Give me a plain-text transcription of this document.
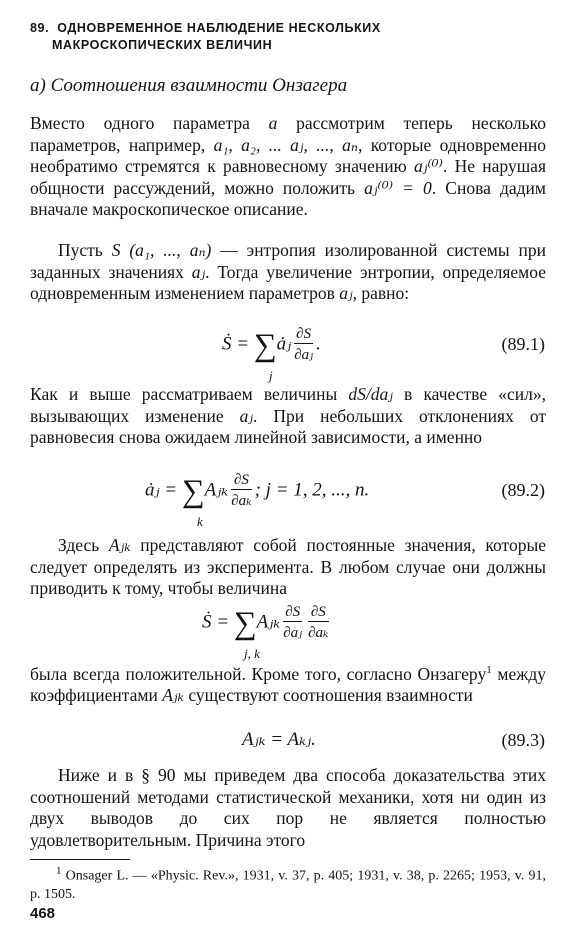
89. ОДНОВРЕМЕННОЕ НАБЛЮДЕНИЕ НЕСКОЛЬКИХ
МАКРОСКОПИЧЕСКИХ ВЕЛИЧИН
а) Соотношения взаимности Онзагера
Вместо одного параметра a рассмотрим теперь несколько параметров, например, a₁, a₂, ... aⱼ, ..., aₙ, которые одновременно необратимо стремятся к равновесному значению aⱼ⁽⁰⁾. Не нарушая общности рассуждений, можно положить aⱼ⁽⁰⁾ = 0. Снова дадим вначале макроскопическое описание.
Пусть S (a₁, ..., aₙ) — энтропия изолированной системы при заданных значениях aⱼ. Тогда увеличение энтропии, определяемое одновременным изменением параметров aⱼ, равно:
Ṡ = ∑ȧⱼ $\frac{\partial S}{\text{∂aⱼ}}$ .
j
(89.1)
Как и выше рассматриваем величины dS/daⱼ в качестве «сил», вызывающих изменение aⱼ. При небольших отклонениях от равновесия снова ожидаем линейной зависимости, а именно
ȧⱼ = ∑Aⱼₖ $\frac{\partial S}{\text{∂aₖ}}$ ; j = 1, 2, ..., n.
k
(89.2)
Здесь Aⱼₖ представляют собой постоянные значения, которые следует определять из эксперимента. В любом случае они должны приводить к тому, чтобы величина
Ṡ = ∑Aⱼₖ $\frac{\partial S}{\text{∂aⱼ}} \frac{\partial S}{\text{∂aₖ}}$
j, k
была всегда положительной. Кроме того, согласно Онзагеру$^1$ между коэффициентами Aⱼₖ существуют соотношения взаимности
Aⱼₖ = Aₖⱼ.	(89.3)
Ниже и в § 90 мы приведем два способа доказательства этих соотношений методами статистической механики, хотя ни один из двух выводов до сих пор не является полностью удовлетворительным. Причина этого
$^1$ Onsager L. — «Physic. Rev.», 1931, v. 37, p. 405; 1931, v. 38, p. 2265; 1953, v. 91, p. 1505.
468
